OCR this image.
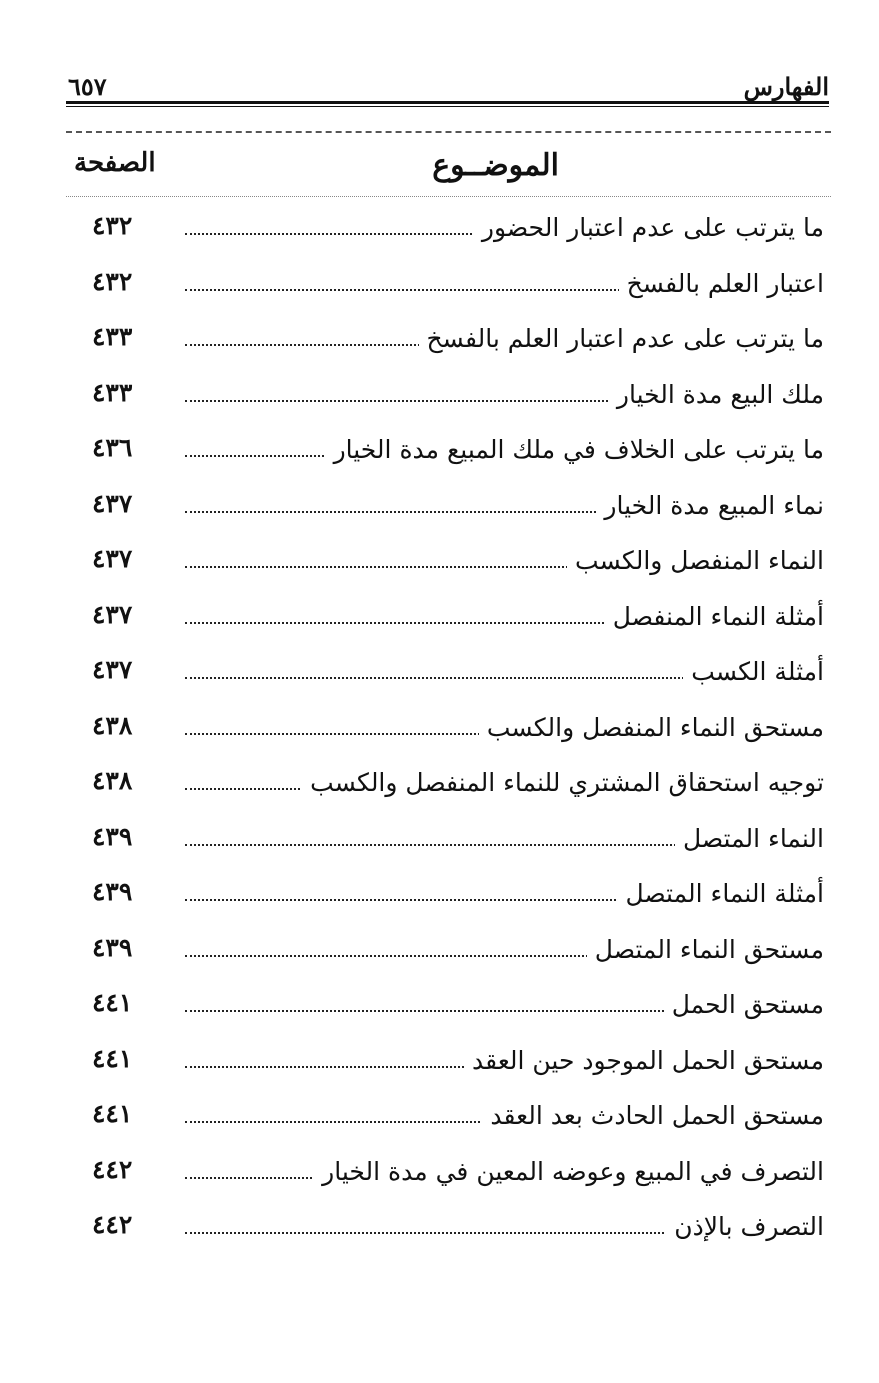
الفهارس
٦٥٧
الموضــوع
الصفحة
ما يترتب على عدم اعتبار الحضور
٤٣٢
اعتبار العلم بالفسخ
٤٣٢
ما يترتب على عدم اعتبار العلم بالفسخ
٤٣٣
ملك البيع مدة الخيار
٤٣٣
ما يترتب على الخلاف في ملك المبيع مدة الخيار
٤٣٦
نماء المبيع مدة الخيار
٤٣٧
النماء المنفصل والكسب
٤٣٧
أمثلة النماء المنفصل
٤٣٧
أمثلة الكسب
٤٣٧
مستحق النماء المنفصل والكسب
٤٣٨
توجيه استحقاق المشتري للنماء المنفصل والكسب
٤٣٨
النماء المتصل
٤٣٩
أمثلة النماء المتصل
٤٣٩
مستحق النماء المتصل
٤٣٩
مستحق الحمل
٤٤١
مستحق الحمل الموجود حين العقد
٤٤١
مستحق الحمل الحادث بعد العقد
٤٤١
التصرف في المبيع وعوضه المعين في مدة الخيار
٤٤٢
التصرف بالإذن
٤٤٢
